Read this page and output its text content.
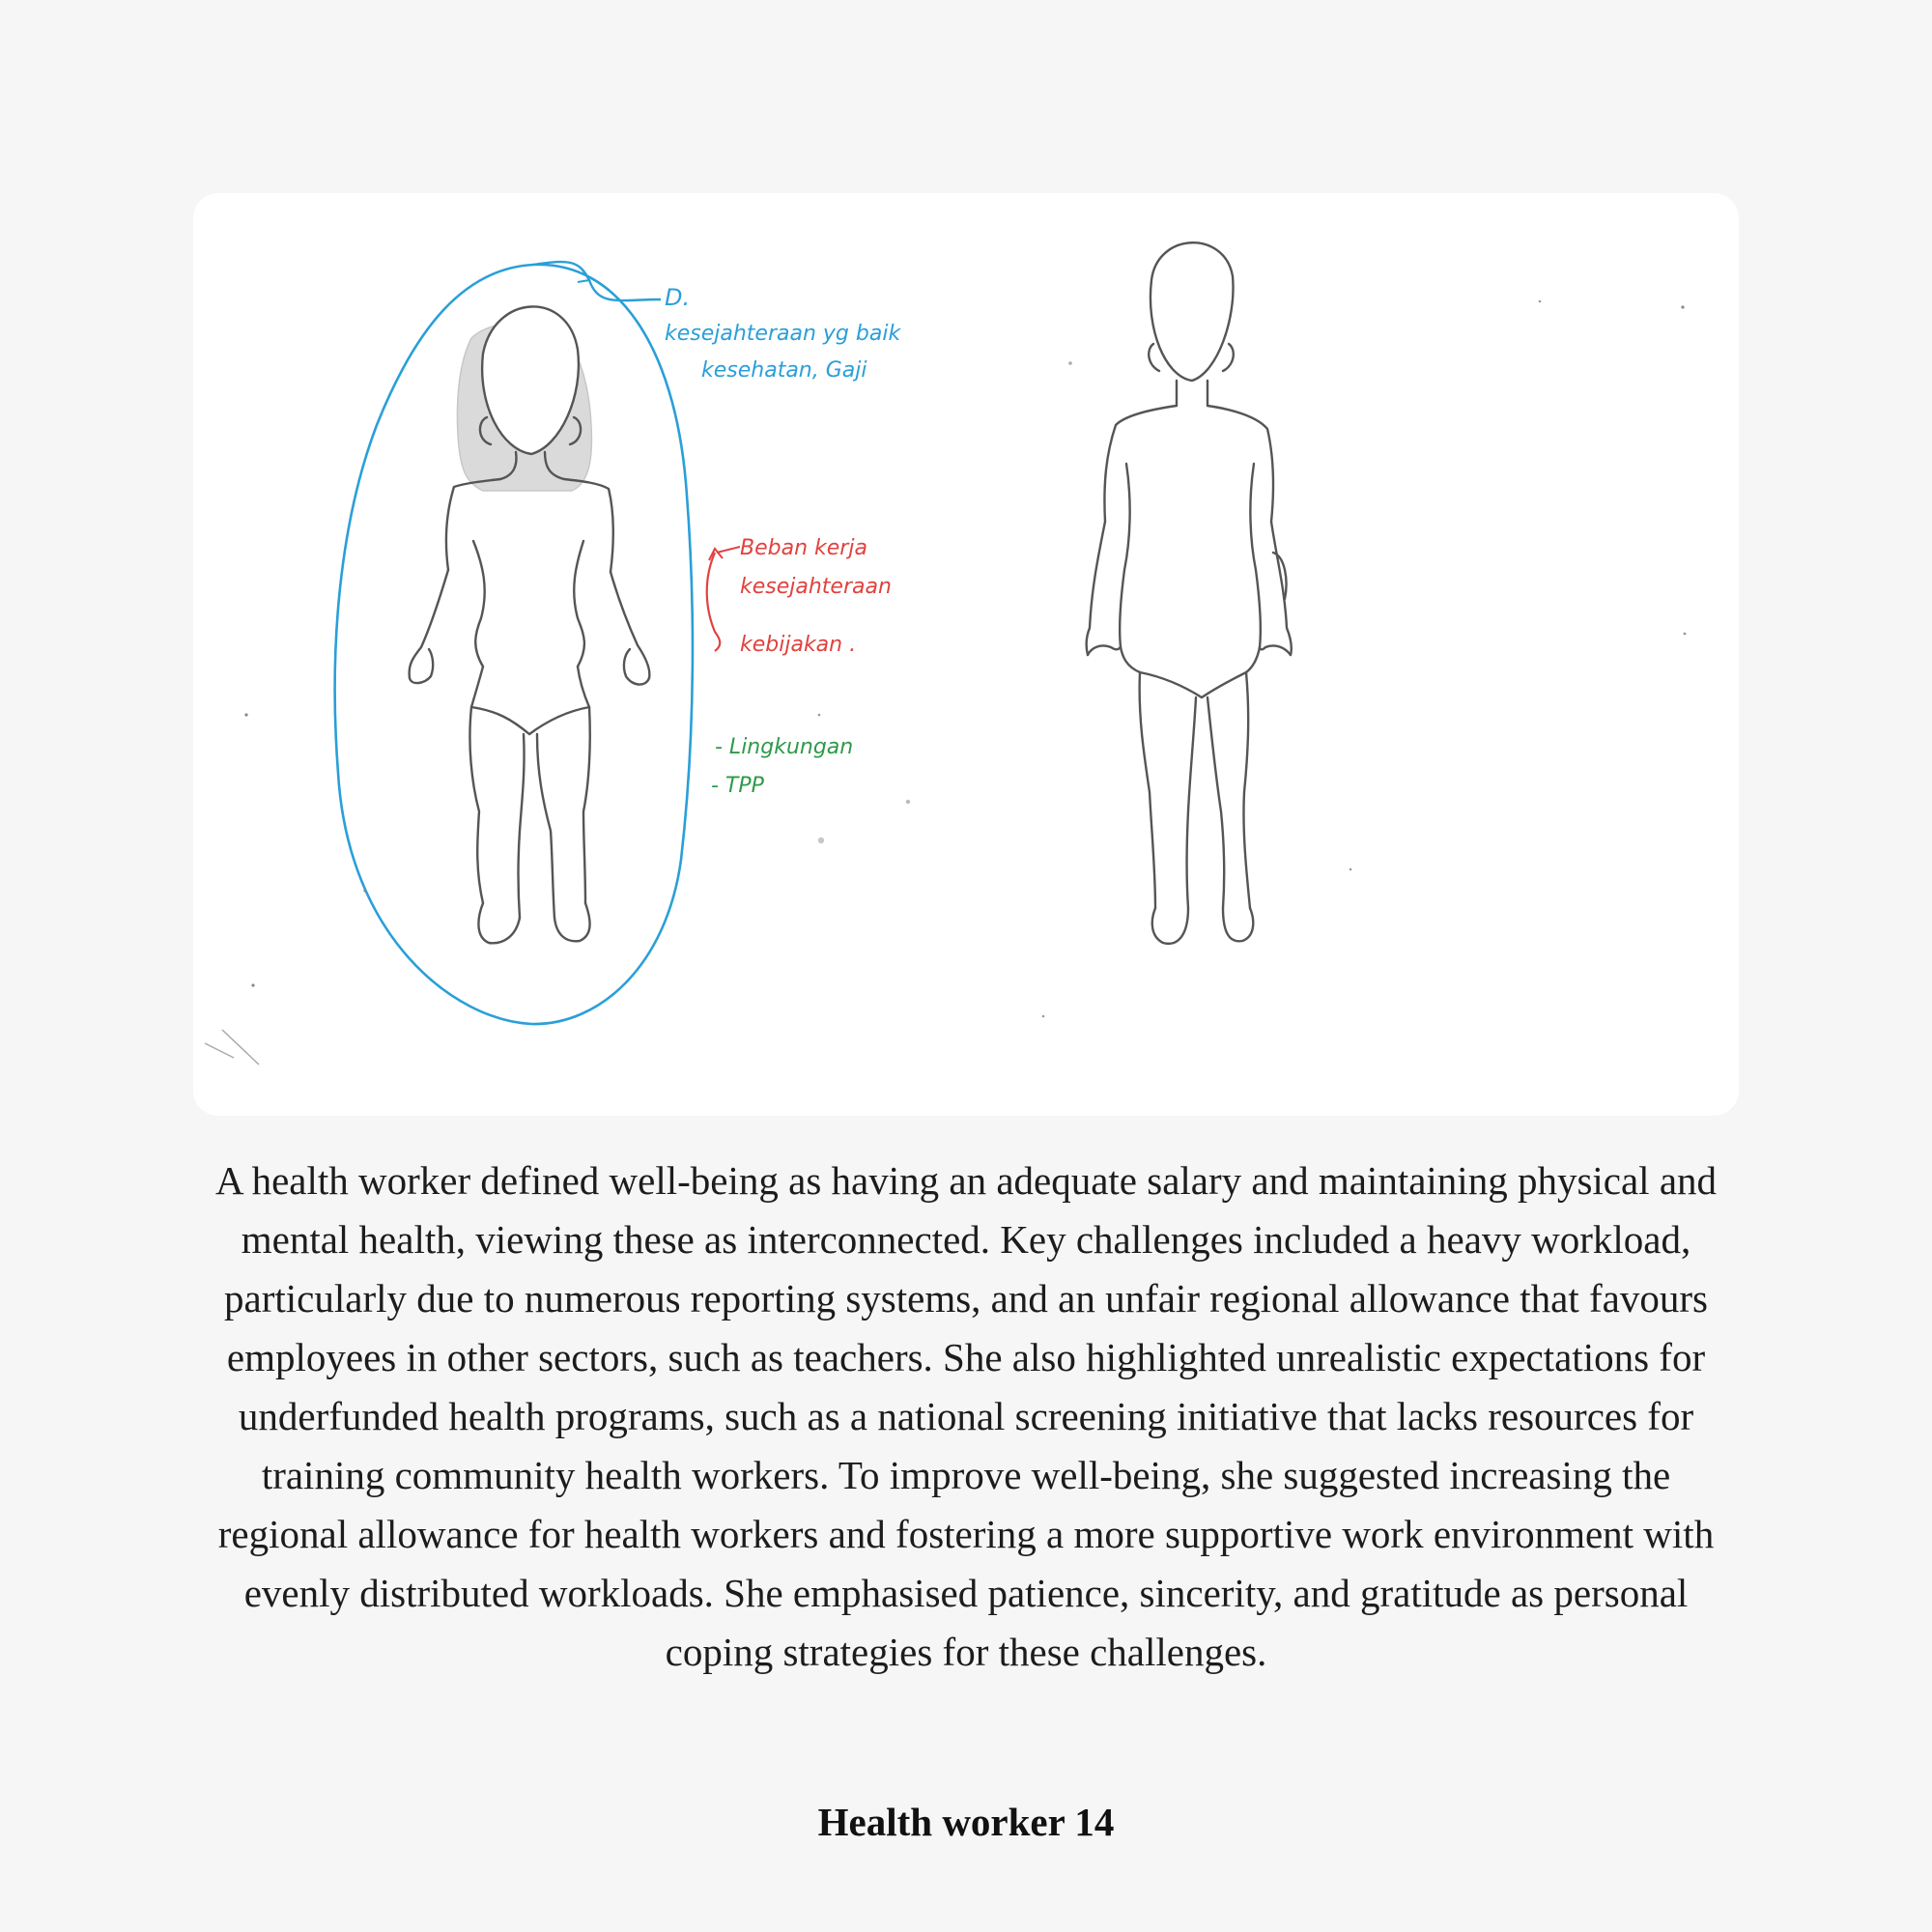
D.
kesejahteraan yg baik
kesehatan, Gaji
Beban kerja
kesejahteraan
kebijakan .
- Lingkungan
- TPP

A health worker defined well-being as having an adequate salary and maintaining physical and mental health, viewing these as interconnected. Key challenges included a heavy workload, particularly due to numerous reporting systems, and an unfair regional allowance that favours employees in other sectors, such as teachers. She also highlighted unrealistic expectations for underfunded health programs, such as a national screening initiative that lacks resources for training community health workers. To improve well-being, she suggested increasing the regional allowance for health workers and fostering a more supportive work environment with evenly distributed workloads. She emphasised patience, sincerity, and gratitude as personal coping strategies for these challenges.

Health worker 14
